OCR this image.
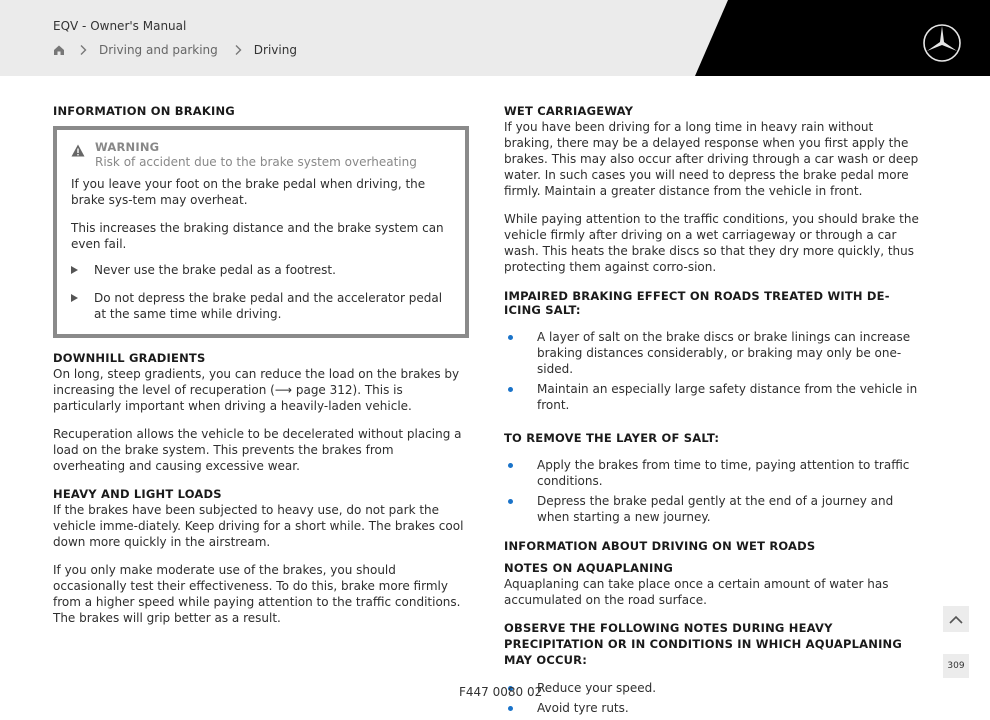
EQV - Owner's Manual
Driving and parking	Driving
INFORMATION ON BRAKING
WARNING
Risk of accident due to the brake system overheating
If you leave your foot on the brake pedal when driving, the brake sys-tem may overheat.
This increases the braking distance and the brake system can even fail.
Never use the brake pedal as a footrest.
Do not depress the brake pedal and the accelerator pedal at the same time while driving.
DOWNHILL GRADIENTS
On long, steep gradients, you can reduce the load on the brakes by increasing the level of recuperation (⟶ page 312). This is particularly important when driving a heavily-laden vehicle.
Recuperation allows the vehicle to be decelerated without placing a load on the brake system. This prevents the brakes from overheating and causing excessive wear.
HEAVY AND LIGHT LOADS
If the brakes have been subjected to heavy use, do not park the vehicle imme-diately. Keep driving for a short while. The brakes cool down more quickly in the airstream.
If you only make moderate use of the brakes, you should occasionally test their effectiveness. To do this, brake more firmly from a higher speed while paying attention to the traffic conditions. The brakes will grip better as a result.
WET CARRIAGEWAY
If you have been driving for a long time in heavy rain without braking, there may be a delayed response when you first apply the brakes. This may also occur after driving through a car wash or deep water. In such cases you will need to depress the brake pedal more firmly. Maintain a greater distance from the vehicle in front.
While paying attention to the traffic conditions, you should brake the vehicle firmly after driving on a wet carriageway or through a car wash. This heats the brake discs so that they dry more quickly, thus protecting them against corro-sion.
IMPAIRED BRAKING EFFECT ON ROADS TREATED WITH DE-ICING SALT:
A layer of salt on the brake discs or brake linings can increase braking distances considerably, or braking may only be one-sided.
Maintain an especially large safety distance from the vehicle in front.
TO REMOVE THE LAYER OF SALT:
Apply the brakes from time to time, paying attention to traffic conditions.
Depress the brake pedal gently at the end of a journey and when starting a new journey.
INFORMATION ABOUT DRIVING ON WET ROADS
NOTES ON AQUAPLANING
Aquaplaning can take place once a certain amount of water has accumulated on the road surface.
OBSERVE THE FOLLOWING NOTES DURING HEAVY PRECIPITATION OR IN CONDITIONS IN WHICH AQUAPLANING MAY OCCUR:
Reduce your speed.
Avoid tyre ruts.
309
F447 0080 02
